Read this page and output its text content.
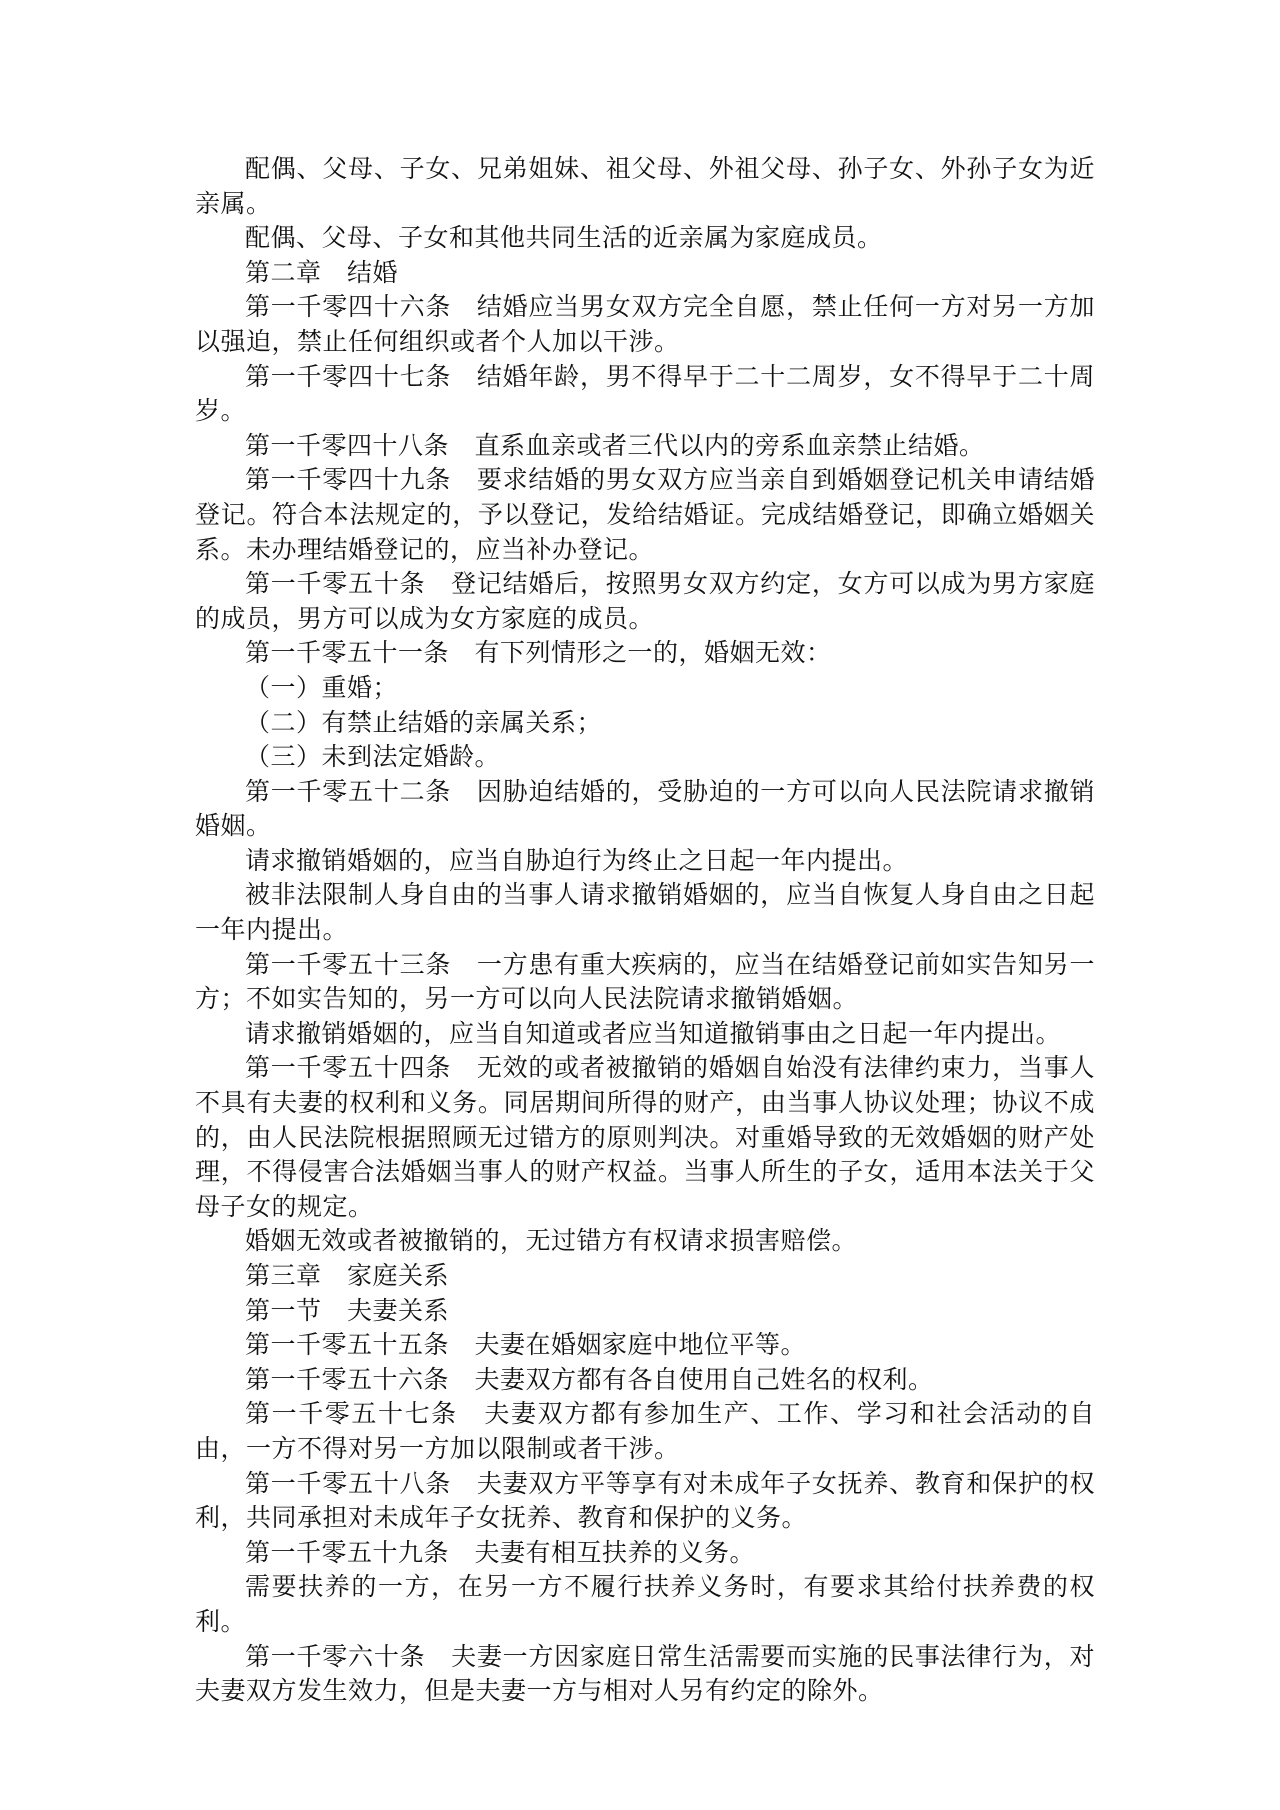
配偶、父母、子女、兄弟姐妹、祖父母、外祖父母、孙子女、外孙子女为近亲属。

配偶、父母、子女和其他共同生活的近亲属为家庭成员。

第二章　结婚

第一千零四十六条　结婚应当男女双方完全自愿，禁止任何一方对另一方加以强迫，禁止任何组织或者个人加以干涉。

第一千零四十七条　结婚年龄，男不得早于二十二周岁，女不得早于二十周岁。

第一千零四十八条　直系血亲或者三代以内的旁系血亲禁止结婚。

第一千零四十九条　要求结婚的男女双方应当亲自到婚姻登记机关申请结婚登记。符合本法规定的，予以登记，发给结婚证。完成结婚登记，即确立婚姻关系。未办理结婚登记的，应当补办登记。

第一千零五十条　登记结婚后，按照男女双方约定，女方可以成为男方家庭的成员，男方可以成为女方家庭的成员。

第一千零五十一条　有下列情形之一的，婚姻无效：

（一）重婚；

（二）有禁止结婚的亲属关系；

（三）未到法定婚龄。

第一千零五十二条　因胁迫结婚的，受胁迫的一方可以向人民法院请求撤销婚姻。

请求撤销婚姻的，应当自胁迫行为终止之日起一年内提出。

被非法限制人身自由的当事人请求撤销婚姻的，应当自恢复人身自由之日起一年内提出。

第一千零五十三条　一方患有重大疾病的，应当在结婚登记前如实告知另一方；不如实告知的，另一方可以向人民法院请求撤销婚姻。

请求撤销婚姻的，应当自知道或者应当知道撤销事由之日起一年内提出。

第一千零五十四条　无效的或者被撤销的婚姻自始没有法律约束力，当事人不具有夫妻的权利和义务。同居期间所得的财产，由当事人协议处理；协议不成的，由人民法院根据照顾无过错方的原则判决。对重婚导致的无效婚姻的财产处理，不得侵害合法婚姻当事人的财产权益。当事人所生的子女，适用本法关于父母子女的规定。

婚姻无效或者被撤销的，无过错方有权请求损害赔偿。

第三章　家庭关系

第一节　夫妻关系

第一千零五十五条　夫妻在婚姻家庭中地位平等。

第一千零五十六条　夫妻双方都有各自使用自己姓名的权利。

第一千零五十七条　夫妻双方都有参加生产、工作、学习和社会活动的自由，一方不得对另一方加以限制或者干涉。

第一千零五十八条　夫妻双方平等享有对未成年子女抚养、教育和保护的权利，共同承担对未成年子女抚养、教育和保护的义务。

第一千零五十九条　夫妻有相互扶养的义务。

需要扶养的一方，在另一方不履行扶养义务时，有要求其给付扶养费的权利。

第一千零六十条　夫妻一方因家庭日常生活需要而实施的民事法律行为，对夫妻双方发生效力，但是夫妻一方与相对人另有约定的除外。
